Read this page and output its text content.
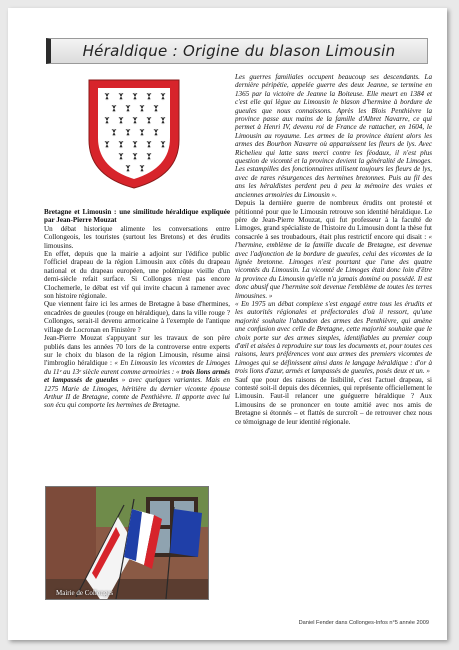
Héraldique : Origine du blason Limousin

Bretagne et Limousin : une similitude héraldique expliquée par Jean-Pierre Mouzat

Un débat historique alimente les conversations entre Collongeois, les touristes (surtout les Bretons) et des érudits limousins.

En effet, depuis que la mairie a adjoint sur l'édifice public l'officiel drapeau de la région Limousin aux côtés du drapeau national et du drapeau européen, une polémique vieille d'un demi-siècle refait surface. Si Collonges n'est pas encore Clochemerle, le débat est vif qui invite chacun à ramener avec son histoire régionale.

Que viennent faire ici les armes de Bretagne à base d'hermines, encadrées de gueules (rouge en héraldique), dans la ville rouge ? Collonges, serait-il devenu armoricaine à l'exemple de l'antique village de Locronan en Finistère ?

Jean-Pierre Mouzat s'appuyant sur les travaux de son père publiés dans les années 70 lors de la controverse entre experts sur le choix du blason de la région Limousin, résume ainsi l'imbroglio héraldique : « En Limousin les vicomtes de Limoges du 11ᵉ au 13ᵉ siècle eurent comme armoiries : « trois lions armés et lampassés de gueules » avec quelques variantes. Mais en 1275 Marie de Limoges, héritière du dernier vicomte épouse Arthur II de Bretagne, comte de Penthièvre. Il apporte avec lui son écu qui comporte les hermines de Bretagne.

Mairie de Collonges

Les guerres familiales occupent beaucoup ses descendants. La dernière péripétie, appelée guerre des deux Jeanne, se termine en 1365 par la victoire de Jeanne la Boiteuse. Elle meurt en 1384 et c'est elle qui lègue au Limousin le blason d'hermine à bordure de gueules que nous connaissons. Après les Blois Penthièvre la province passe aux mains de la famille d'Albret Navarre, ce qui permet à Henri IV, devenu roi de France de rattacher, en 1604, le Limousin au royaume. Les armes de la province étaient alors les armes des Bourbon Navarre où apparaissent les fleurs de lys. Avec Richelieu qui latte sans merci contre les féodaux, il n'est plus question de vicomté et la province devient la généralité de Limoges. Les estampilles des fonctionnaires utilisent toujours les fleurs de lys, avec de rares résurgences des hermines bretonnes. Puis au fil des ans les héraldistes perdent peu à peu la mémoire des vraies et anciennes armoiries du Limousin ».

Depuis la dernière guerre de nombreux érudits ont protesté et pétitionné pour que le Limousin retrouve son identité héraldique. Le père de Jean-Pierre Mouzat, qui fut professeur à la faculté de Limoges, grand spécialiste de l'histoire du Limousin dont la thèse fut consacrée à ses troubadours, était plus restrictif encore qui disait : « l'hermine, emblème de la famille ducale de Bretagne, est devenue avec l'adjonction de la bordure de gueules, celui des vicomtes de la lignée bretonne. Limoges n'est pourtant que l'une des quatre vicomtés du Limousin. La vicomté de Limoges était donc loin d'être la province du Limousin qu'elle n'a jamais dominé ou possédé. Il est donc abusif que l'hermine soit devenue l'emblème de toutes les terres limousines. »

« En 1975 un débat complexe s'est engagé entre tous les érudits et les autorités régionales et préfectorales d'où il ressort, qu'une majorité souhaite l'abandon des armes des Penthièvre, qui amène une confusion avec celle de Bretagne, cette majorité souhaite que le choix porte sur des armes simples, identifiables au premier coup d'œil et aisées à reproduire sur tous les documents et, pour toutes ces raisons, leurs préférences vont aux armes des premiers vicomtes de Limoges qui se définissent ainsi dans le langage héraldique : d'or à trois lions d'azur, armés et lampassés de gueules, posés deux et un. »

Sauf que pour des raisons de lisibilité, c'est l'actuel drapeau, si contesté soit-il depuis des décennies, qui représente officiellement le Limousin. Faut-il relancer une guéguerre héraldique ? Aux Limousins de se prononcer en toute amitié avec nos amis de Bretagne si étonnés – et flattés de surcroît – de retrouver chez nous ce témoignage de leur identité régionale.

Daniel Fender dans Collonges-Infos n°5 année 2009
